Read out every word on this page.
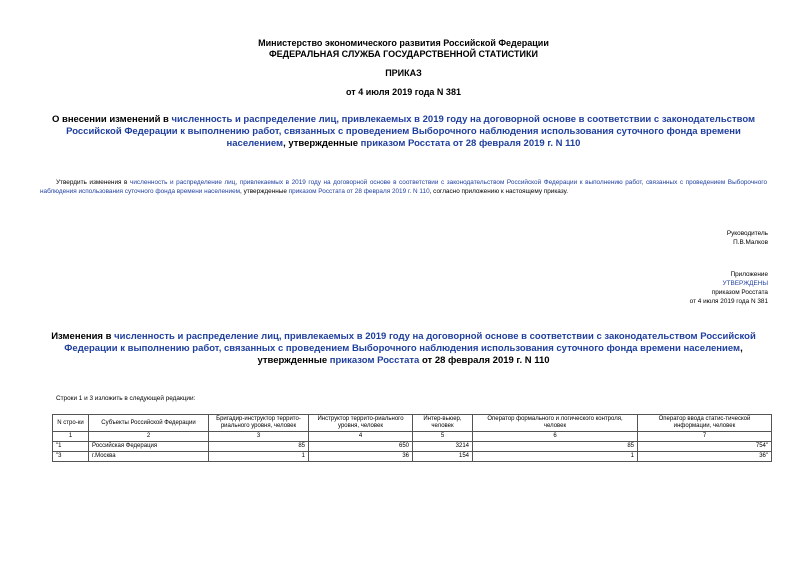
Министерство экономического развития Российской Федерации
ФЕДЕРАЛЬНАЯ СЛУЖБА ГОСУДАРСТВЕННОЙ СТАТИСТИКИ
ПРИКАЗ
от 4 июля 2019 года N 381
О внесении изменений в численность и распределение лиц, привлекаемых в 2019 году на договорной основе в соответствии с законодательством Российской Федерации к выполнению работ, связанных с проведением Выборочного наблюдения использования суточного фонда времени населением, утвержденные приказом Росстата от 28 февраля 2019 г. N 110
Утвердить изменения в численность и распределение лиц, привлекаемых в 2019 году на договорной основе в соответствии с законодательством Российской Федерации к выполнению работ, связанных с проведением Выборочного наблюдения использования суточного фонда времени населением, утвержденные приказом Росстата от 28 февраля 2019 г. N 110, согласно приложению к настоящему приказу.
Руководитель
П.В.Малков
Приложение
УТВЕРЖДЕНЫ
приказом Росстата
от 4 июля 2019 года N 381
Изменения в численность и распределение лиц, привлекаемых в 2019 году на договорной основе в соответствии с законодательством Российской Федерации к выполнению работ, связанных с проведением Выборочного наблюдения использования суточного фонда времени населением, утвержденные приказом Росстата от 28 февраля 2019 г. N 110
Строки 1 и 3 изложить в следующей редакции:
N стро-ки	Субъекты Российской Федерации	Бригадир-инструктор террито-риального уровня, человек	Инструктор террито-риального уровня, человек	Интер-вьюер, человек	Оператор формального и логического контроля, человек	Оператор ввода статис-тической информации, человек
1	2	3	4	5	6	7
"1	Российская Федерация	85	650	3214	85	754"
"3	г.Москва	1	36	154	1	36"
